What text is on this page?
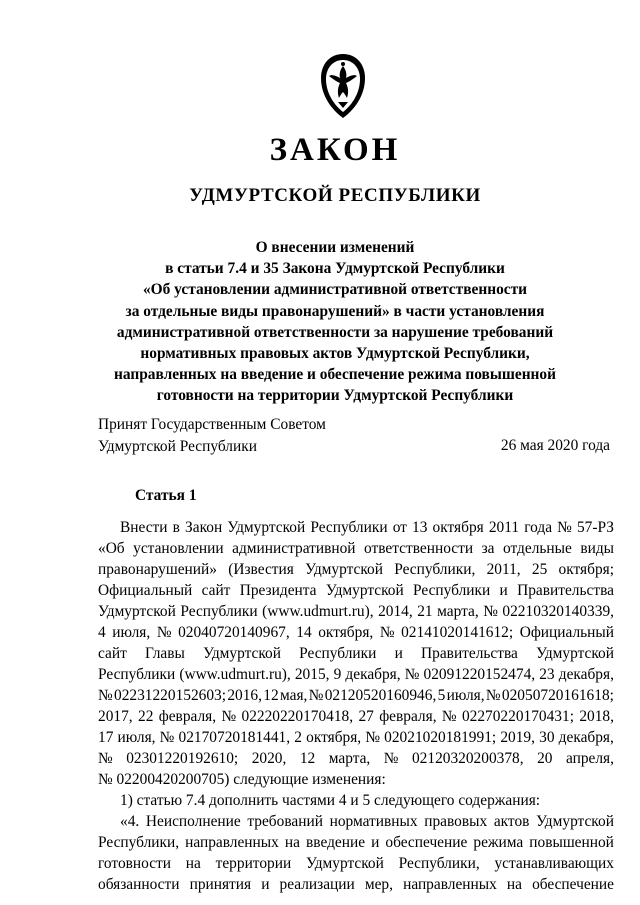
ЗАКОН
УДМУРТСКОЙ РЕСПУБЛИКИ
О внесении изменений
в статьи 7.4 и 35 Закона Удмуртской Республики
«Об установлении административной ответственности
за отдельные виды правонарушений» в части установления
административной ответственности за нарушение требований
нормативных правовых актов Удмуртской Республики,
направленных на введение и обеспечение режима повышенной
готовности на территории Удмуртской Республики
Принят Государственным Советом
Удмуртской Республики	26 мая 2020 года
Статья 1
Внести в Закон Удмуртской Республики от 13 октября 2011 года № 57-РЗ
«Об установлении административной ответственности за отдельные виды
правонарушений» (Известия Удмуртской Республики, 2011, 25 октября;
Официальный сайт Президента Удмуртской Республики и Правительства
Удмуртской Республики (www.udmurt.ru), 2014, 21 марта, № 02210320140339,
4 июля, № 02040720140967, 14 октября, № 02141020141612; Официальный
сайт Главы Удмуртской Республики и Правительства Удмуртской
Республики (www.udmurt.ru), 2015, 9 декабря, № 02091220152474, 23 декабря,
№ 02231220152603; 2016, 12 мая, № 02120520160946, 5 июля, № 02050720161618;
2017, 22 февраля, № 02220220170418, 27 февраля, № 02270220170431; 2018,
17 июля, № 02170720181441, 2 октября, № 02021020181991; 2019, 30 декабря,
№ 02301220192610; 2020, 12 марта, № 02120320200378, 20 апреля,
№ 02200420200705) следующие изменения:
1) статью 7.4 дополнить частями 4 и 5 следующего содержания:
«4. Неисполнение требований нормативных правовых актов Удмуртской
Республики, направленных на введение и обеспечение режима повышенной
готовности на территории Удмуртской Республики, устанавливающих
обязанности принятия и реализации мер, направленных на обеспечение
